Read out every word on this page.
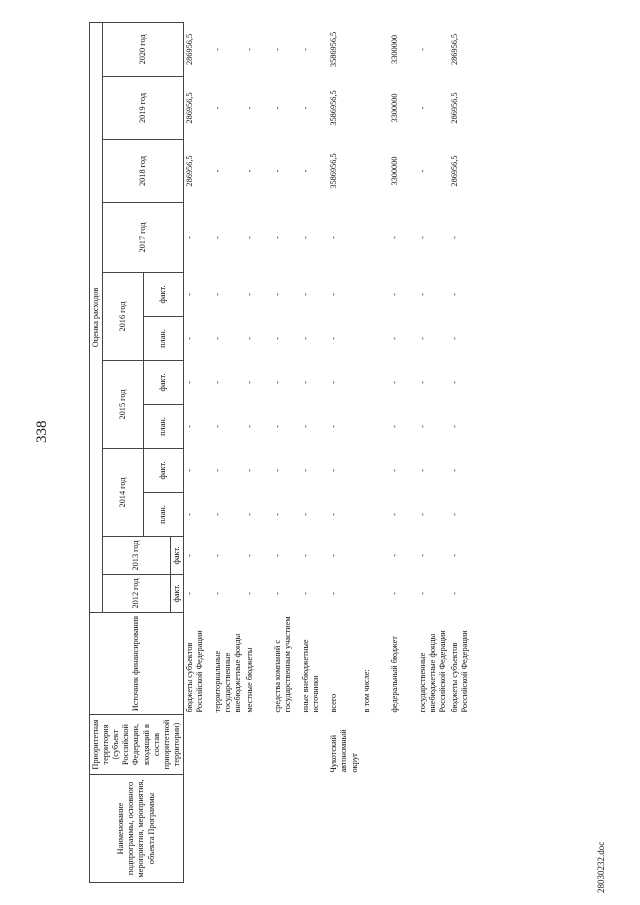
338
28030232.doc
Наименование подпрограммы, основного мероприятия, мероприятия, объекта Программы	Приоритетная территория (субъект Российской Федерации, входящий в состав приоритетной территории)	Источник финансирования	Оценка расходов											
			2012 год	2013 год	2014 год		2015 год		2016 год		2017 год	2018 год	2019 год	2020 год
					план.	факт.	план.	факт.	план.	факт.				
			факт.	факт.										
		бюджеты субъектов Российской Федерации	-	-	-	-	-	-	-	-	-	286956,5	286956,5	286956,5
		территориальные государственные внебюджетные фонды	-	-	-	-	-	-	-	-	-	-	-	-
		местные бюджеты	-	-	-	-	-	-	-	-	-	-	-	-
		средства компаний с государственным участием	-	-	-	-	-	-	-	-	-	-	-	-
		иные внебюджетные источники	-	-	-	-	-	-	-	-	-	-	-	-
	Чукотский автономный округ	всего	-	-	-	-	-	-	-	-	-	3586956,5	3586956,5	3586956,5
		в том числе:												
		федеральный бюджет	-	-	-	-	-	-	-	-	-	3300000	3300000	3300000
		государственные внебюджетные фонды Российской Федерации	-	-	-	-	-	-	-	-	-	-	-	-
		бюджеты субъектов Российской Федерации	-	-	-	-	-	-	-	-	-	286956,5	286956,5	286956,5
